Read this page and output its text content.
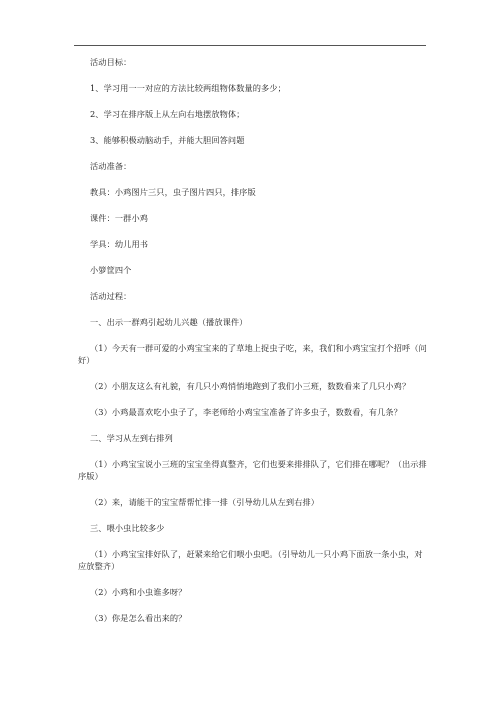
活动目标：

1、学习用一一对应的方法比较两组物体数量的多少；

2、学习在排序版上从左向右地摆放物体；

3、能够积极动脑动手，并能大胆回答问题

活动准备：

教具：小鸡图片三只，虫子图片四只，排序版

课件：一群小鸡

学具：幼儿用书

小箩筐四个

活动过程：

一、出示一群鸡引起幼儿兴趣（播放课件）

（1）今天有一群可爱的小鸡宝宝来的了草地上捉虫子吃，来，我们和小鸡宝宝打个招呼（问好）

（2）小朋友这么有礼貌，有几只小鸡悄悄地跑到了我们小三班，数数看来了几只小鸡？

（3）小鸡最喜欢吃小虫子了，李老师给小鸡宝宝准备了许多虫子，数数看，有几条？

二、学习从左到右排列

（1）小鸡宝宝说小三班的宝宝坐得真整齐，它们也要来排排队了，它们排在哪呢？（出示排序版）

（2）来，请能干的宝宝帮帮忙排一排（引导幼儿从左到右排）

三、喂小虫比较多少

（1）小鸡宝宝排好队了，赶紧来给它们喂小虫吧。（引导幼儿一只小鸡下面放一条小虫，对应放整齐）

（2）小鸡和小虫谁多呀？

（3）你是怎么看出来的？
